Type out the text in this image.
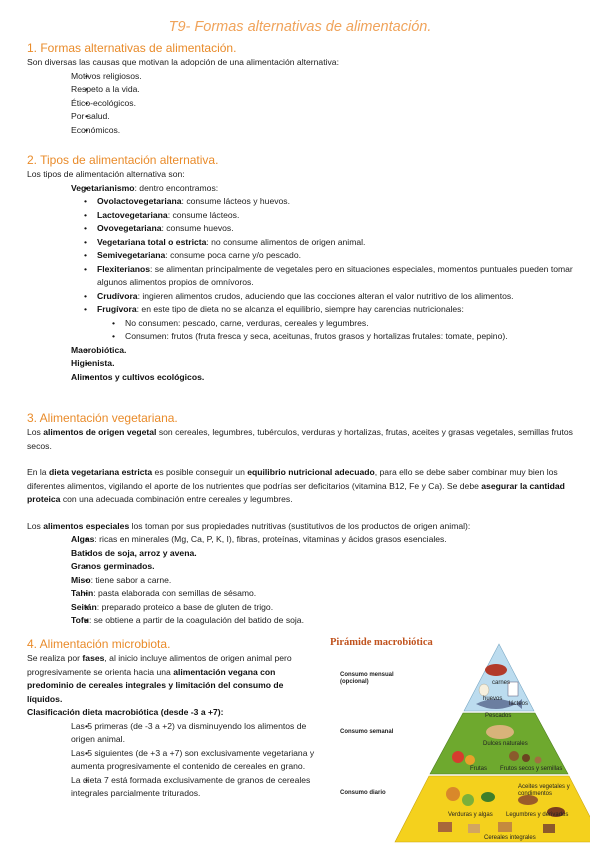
T9- Formas alternativas de alimentación.
1. Formas alternativas de alimentación.

Son diversas las causas que motivan la adopción de una alimentación alternativa:

• Motivos religiosos.
• Respeto a la vida.
• Ético-ecológicos.
• Por salud.
• Económicos.
2. Tipos de alimentación alternativa.

Los tipos de alimentación alternativa son:

• Vegetarianismo: dentro encontramos:
• Ovolactovegetariana: consume lácteos y huevos.
• Lactovegetariana: consume lácteos.
• Ovovegetariana: consume huevos.
• Vegetariana total o estricta: no consume alimentos de origen animal.
• Semivegetariana: consume poca carne y/o pescado.
• Flexiterianos: se alimentan principalmente de vegetales pero en situaciones especiales, momentos puntuales pueden tomar algunos alimentos propios de omnívoros.
• Crudívora: ingieren alimentos crudos, aduciendo que las cocciones alteran el valor nutritivo de los alimentos.
• Frugívora: en este tipo de dieta no se alcanza el equilibrio, siempre hay carencias nutricionales:
• No consumen: pescado, carne, verduras, cereales y legumbres.
• Consumen: frutos (fruta fresca y seca, aceitunas, frutos grasos y hortalizas frutales: tomate, pepino).
• Macrobiótica.
• Higienista.
• Alimentos y cultivos ecológicos.
3. Alimentación vegetariana.

Los alimentos de origen vegetal son cereales, legumbres, tubérculos, verduras y hortalizas, frutas, aceites y grasas vegetales, semillas frutos secos.

En la dieta vegetariana estricta es posible conseguir un equilibrio nutricional adecuado, para ello se debe saber combinar muy bien los diferentes alimentos, vigilando el aporte de los nutrientes que podrías ser deficitarios (vitamina B12, Fe y Ca). Se debe asegurar la cantidad proteica con una adecuada combinación entre cereales y legumbres.

Los alimentos especiales los toman por sus propiedades nutritivas (sustitutivos de los productos de origen animal):

• Algas: ricas en minerales (Mg, Ca, P, K, I), fibras, proteínas, vitaminas y ácidos grasos esenciales.
• Batidos de soja, arroz y avena.
• Granos germinados.
• Miso: tiene sabor a carne.
• Tahin: pasta elaborada con semillas de sésamo.
• Seitán: preparado proteico a base de gluten de trigo.
• Tofu: se obtiene a partir de la coagulación del batido de soja.
4. Alimentación microbiota.

Se realiza por fases, al inicio incluye alimentos de origen animal pero progresivamente se orienta hacia una alimentación vegana con predominio de cereales integrales y limitación del consumo de líquidos.

Clasificación dieta macrobiótica (desde -3 a +7):

• Las 5 primeras (de -3 a +2) va disminuyendo los alimentos de origen animal.
• Las 5 siguientes (de +3 a +7) son exclusivamente vegetariana y aumenta progresivamente el contenido de cereales en grano.
• La dieta 7 está formada exclusivamente de granos de cereales integrales parcialmente triturados.
Pirámide macrobiótica
Consumo mensual (opcional)
Consumo semanal
Consumo diario
carnes
huevos
lácteos
Pescados
Dulces naturales
Frutas Frutos secos y semillas
Aceites vegetales y condimentos
Verduras y algas Legumbres y derivados
Cereales integrales
